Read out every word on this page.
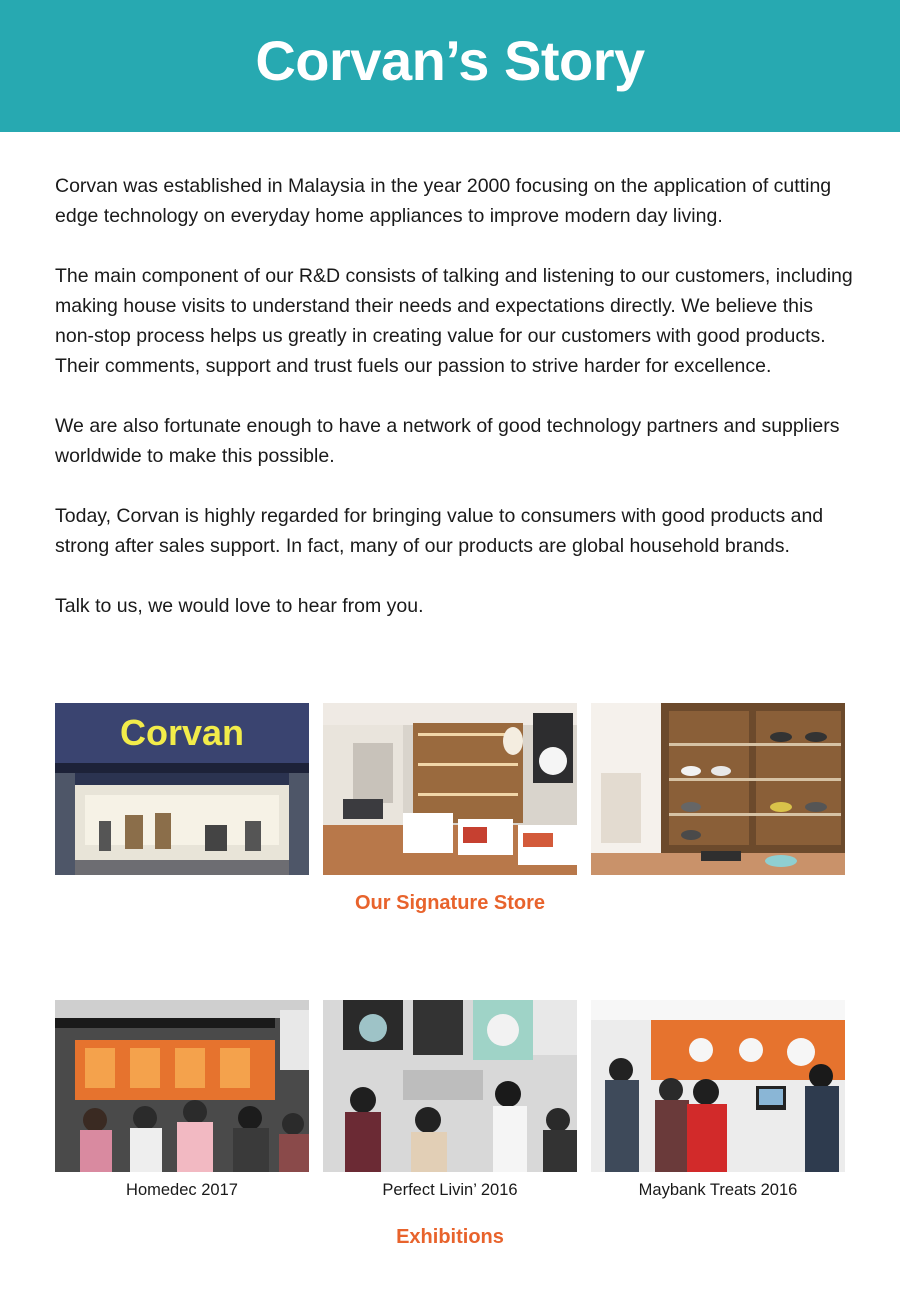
Corvan’s Story

Corvan was established in Malaysia in the year 2000 focusing on the application of cutting edge technology on everyday home appliances to improve modern day living.

The main component of our R&D consists of talking and listening to our customers, including making house visits to understand their needs and expectations directly. We believe this non-stop process helps us greatly in creating value for our customers with good products. Their comments, support and trust fuels our passion to strive harder for excellence.

We are also fortunate enough to have a network of good technology partners and suppliers worldwide to make this possible.

Today, Corvan is highly regarded for bringing value to consumers with good products and strong after sales support. In fact, many of our products are global household brands.

Talk to us, we would love to hear from you.

Corvan
Our Signature Store
Homedec 2017	Perfect Livin’ 2016	Maybank Treats 2016
Exhibitions
